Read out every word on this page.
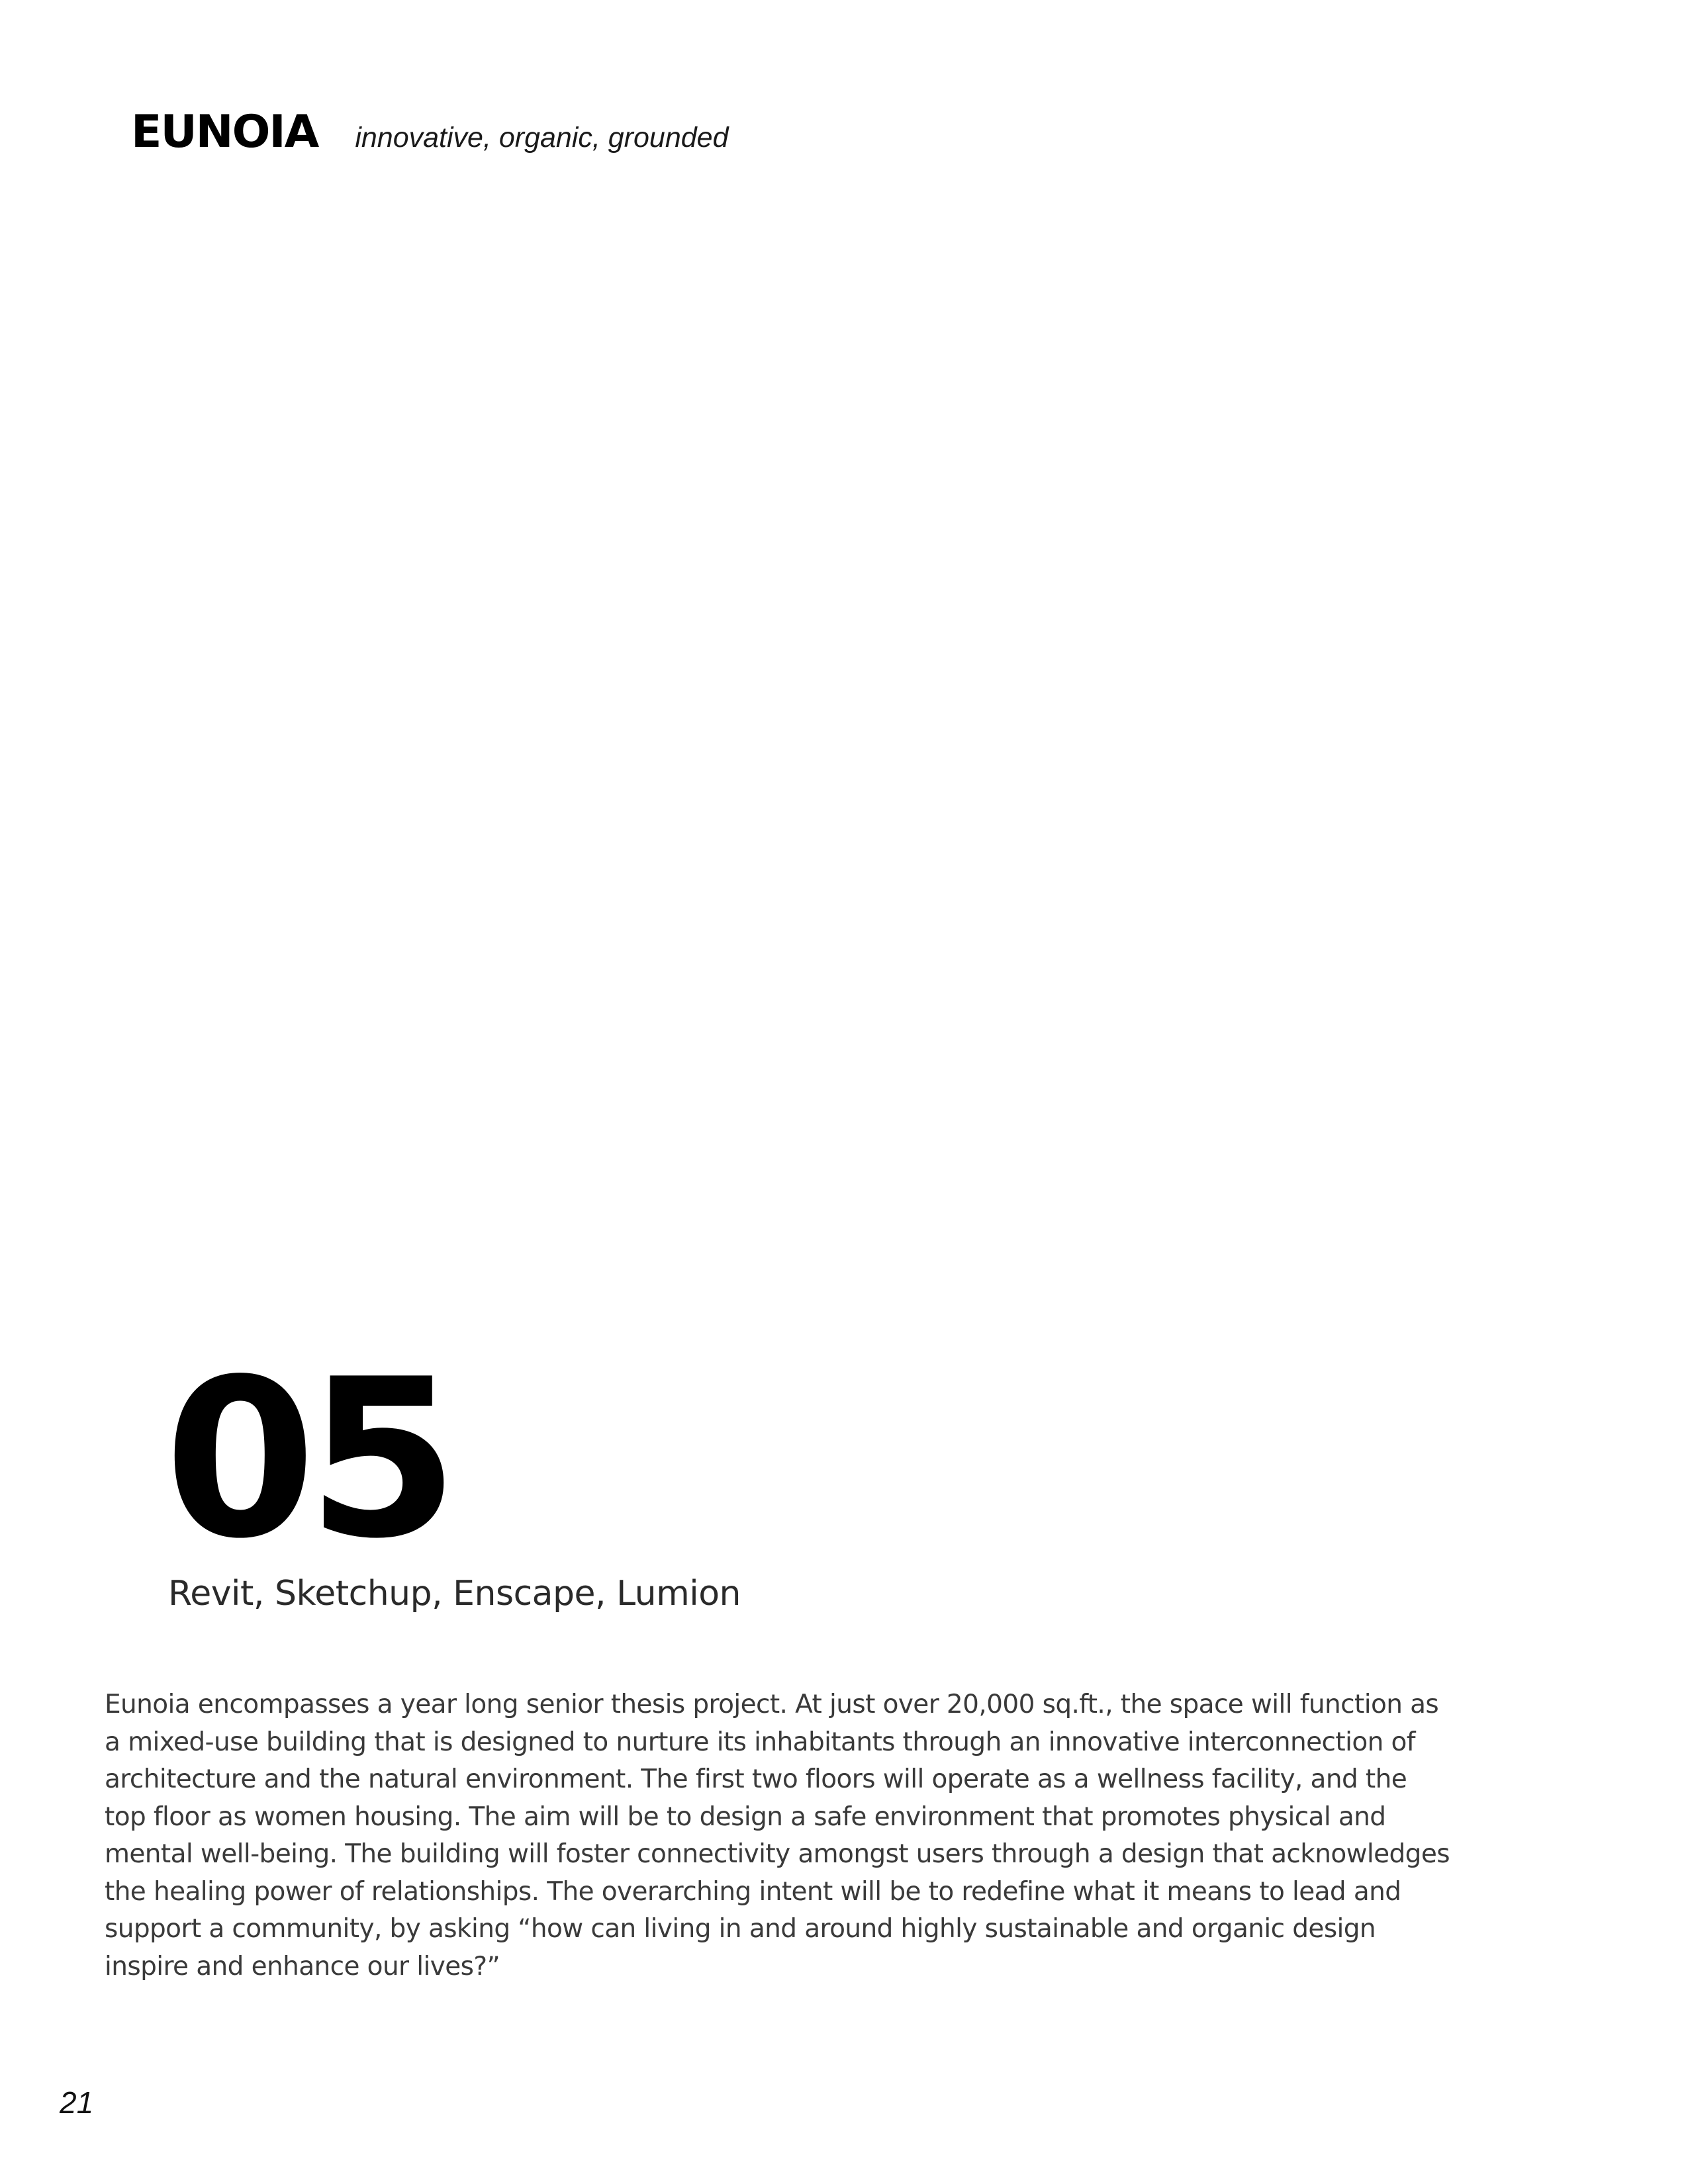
EUNOIA innovative, organic, grounded
05
Revit, Sketchup, Enscape, Lumion

Eunoia encompasses a year long senior thesis project. At just over 20,000 sq.ft., the space will function as a mixed-use building that is designed to nurture its inhabitants through an innovative interconnection of architecture and the natural environment. The first two floors will operate as a wellness facility, and the top floor as women housing. The aim will be to design a safe environment that promotes physical and mental well-being. The building will foster connectivity amongst users through a design that acknowledges the healing power of relationships. The overarching intent will be to redefine what it means to lead and support a community, by asking “how can living in and around highly sustainable and organic design inspire and enhance our lives?”

21
